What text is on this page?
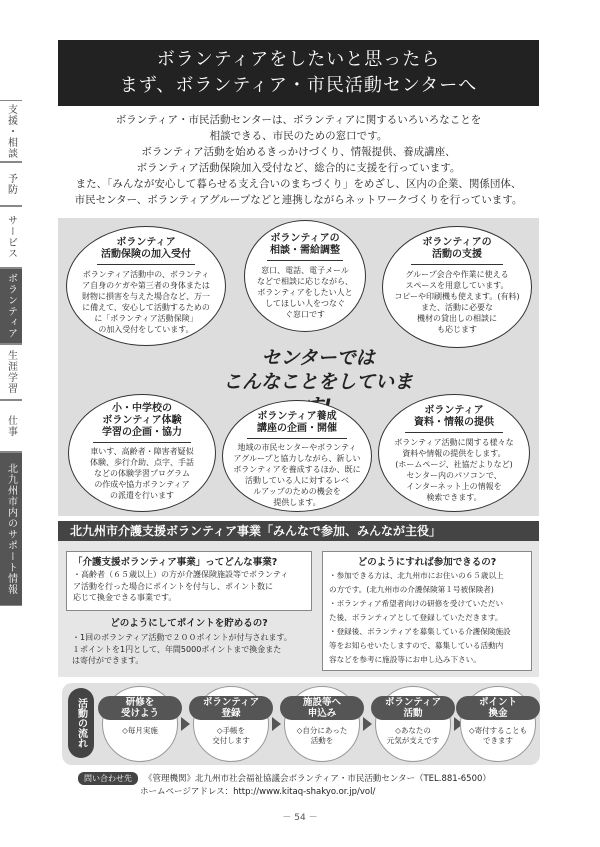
支援・相談
予防
サービス
ボランティア
生涯学習
仕事
北九州市内のサポート情報
ボランティアをしたいと思ったら
まず、ボランティア・市民活動センターへ

ボランティア・市民活動センターは、ボランティアに関するいろいろなことを

相談できる、市民のための窓口です。

ボランティア活動を始めるきっかけづくり、情報提供、養成講座、

ボランティア活動保険加入受付など、総合的に支援を行っています。

また、「みんなが安心して暮らせる支え合いのまちづくり」をめざし、区内の企業、関係団体、

市民センター、ボランティアグループなどと連携しながらネットワークづくりを行っています。

ボランティア
活動保険の加入受付

ボランティア活動中の、ボランティ

ア自身のケガや第三者の身体または

財物に損害を与えた場合など、万一

に備えて、安心して活動するための

に「ボランティア活動保険」

の加入受付をしています。

ボランティアの
相談・需給調整

窓口、電話、電子メール

などで相談に応じながら、

ボランティアをしたい人と

してほしい人をつなぐ

ぐ窓口です

ボランティアの
活動の支援

グループ会合や作業に使える

スペースを用意しています。

コピーや印刷機も使えます。(有料)

また、活動に必要な

機材の貸出しの相談に

も応じます

センターでは
こんなことをしていま
小・中学校の
ボランティア体験
学習の企画・協力

車いす、高齢者・障害者疑似

体験、歩行介助、点字、手話

などの体験学習プログラム

の作成や協力ボランティア

の派遣を行います

ボランティア養成
講座の企画・開催

地域の市民センターやボランティ

アグループと協力しながら、新しい

ボランティアを養成するほか、既に

活動している人に対するレベ

ルアップのための機会を

提供します。

ボランティア
資料・情報の提供

ボランティア活動に関する様々な

資料や情報の提供をします。

(ホームページ、社協だよりなど)

センター内のパソコンで、

インターネット上の情報を

検索できます。

北九州市介護支援ボランティア事業「みんなで参加、みんなが主役」
「介護支援ボランティア事業」ってどんな事業?

・高齢者（６５歳以上）の方が介護保険施設等でボランティ

ア活動を行った場合にポイントを付与し、ポイント数に

応じて換金できる事業です。

どのようにしてポイントを貯めるの?

・1回のボランティア活動で２００ポイントが付与されます。

１ポイントを1円として、年間5000ポイントまで換金また

は寄付ができます。

どのようにすれば参加できるの?

・参加できる方は、北九州市にお住いの６５歳以上

の方です。(北九州市の介護保険第１号被保険者)

・ボランティア希望者向けの研修を受けていただい

た後、ボランティアとして登録していただきます。

・登録後、ボランティアを募集している介護保険施設

等をお知らせいたしますので、募集している活動内

容などを参考に施設等にお申し込み下さい。

活動の流れ	研修を
受けよう
◇毎月実施
ボランティア
登録
◇手帳を
交付します
施設等へ
申込み
◇自分にあった
活動を
ボランティア
活動
◇あなたの
元気が支えです
ポイント
換金
◇寄付することも
できます
問い合わせ先 《管理機関》北九州市社会福祉協議会ボランティア・市民活動センター（TEL.881-6500）
ホームページアドレス：http://www.kitaq-shakyo.or.jp/vol/
－ 54 －
